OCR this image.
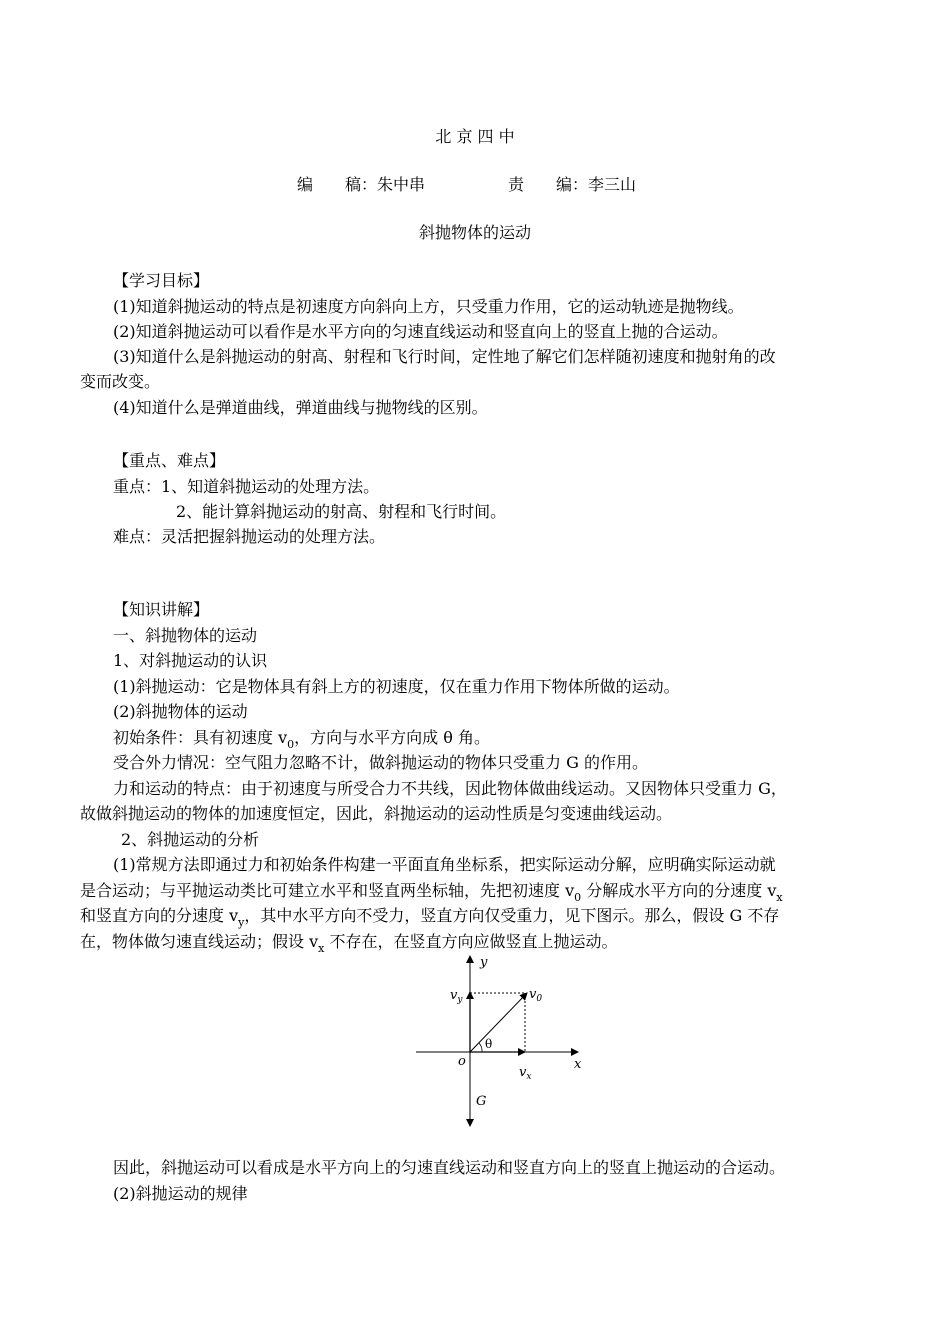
北 京 四 中
编　　稿：朱中串	责　　编：李三山
斜抛物体的运动
【学习目标】
(1)知道斜抛运动的特点是初速度方向斜向上方，只受重力作用，它的运动轨迹是抛物线。
(2)知道斜抛运动可以看作是水平方向的匀速直线运动和竖直向上的竖直上抛的合运动。
(3)知道什么是斜抛运动的射高、射程和飞行时间，定性地了解它们怎样随初速度和抛射角的改
变而改变。
(4)知道什么是弹道曲线，弹道曲线与抛物线的区别。
【重点、难点】
重点：1、知道斜抛运动的处理方法。
2、能计算斜抛运动的射高、射程和飞行时间。
难点：灵活把握斜抛运动的处理方法。
【知识讲解】
一、斜抛物体的运动
1、对斜抛运动的认识
(1)斜抛运动：它是物体具有斜上方的初速度，仅在重力作用下物体所做的运动。
(2)斜抛物体的运动
初始条件：具有初速度 $v_0$，方向与水平方向成 θ 角。
受合外力情况：空气阻力忽略不计，做斜抛运动的物体只受重力 G 的作用。
力和运动的特点：由于初速度与所受合力不共线，因此物体做曲线运动。又因物体只受重力 G，
故做斜抛运动的物体的加速度恒定，因此，斜抛运动的运动性质是匀变速曲线运动。
2、斜抛运动的分析
(1)常规方法即通过力和初始条件构建一平面直角坐标系，把实际运动分解，应明确实际运动就
是合运动；与平抛运动类比可建立水平和竖直两坐标轴，先把初速度 $v_0$ 分解成水平方向的分速度 $v_x$
和竖直方向的分速度 $v_y$，其中水平方向不受力，竖直方向仅受重力，见下图示。那么，假设 G 不存
在，物体做匀速直线运动；假设 $v_x$ 不存在，在竖直方向应做竖直上抛运动。
y
x
o
θ
$v_y$	$v_0$
$v_x$
G
因此，斜抛运动可以看成是水平方向上的匀速直线运动和竖直方向上的竖直上抛运动的合运动。
(2)斜抛运动的规律
